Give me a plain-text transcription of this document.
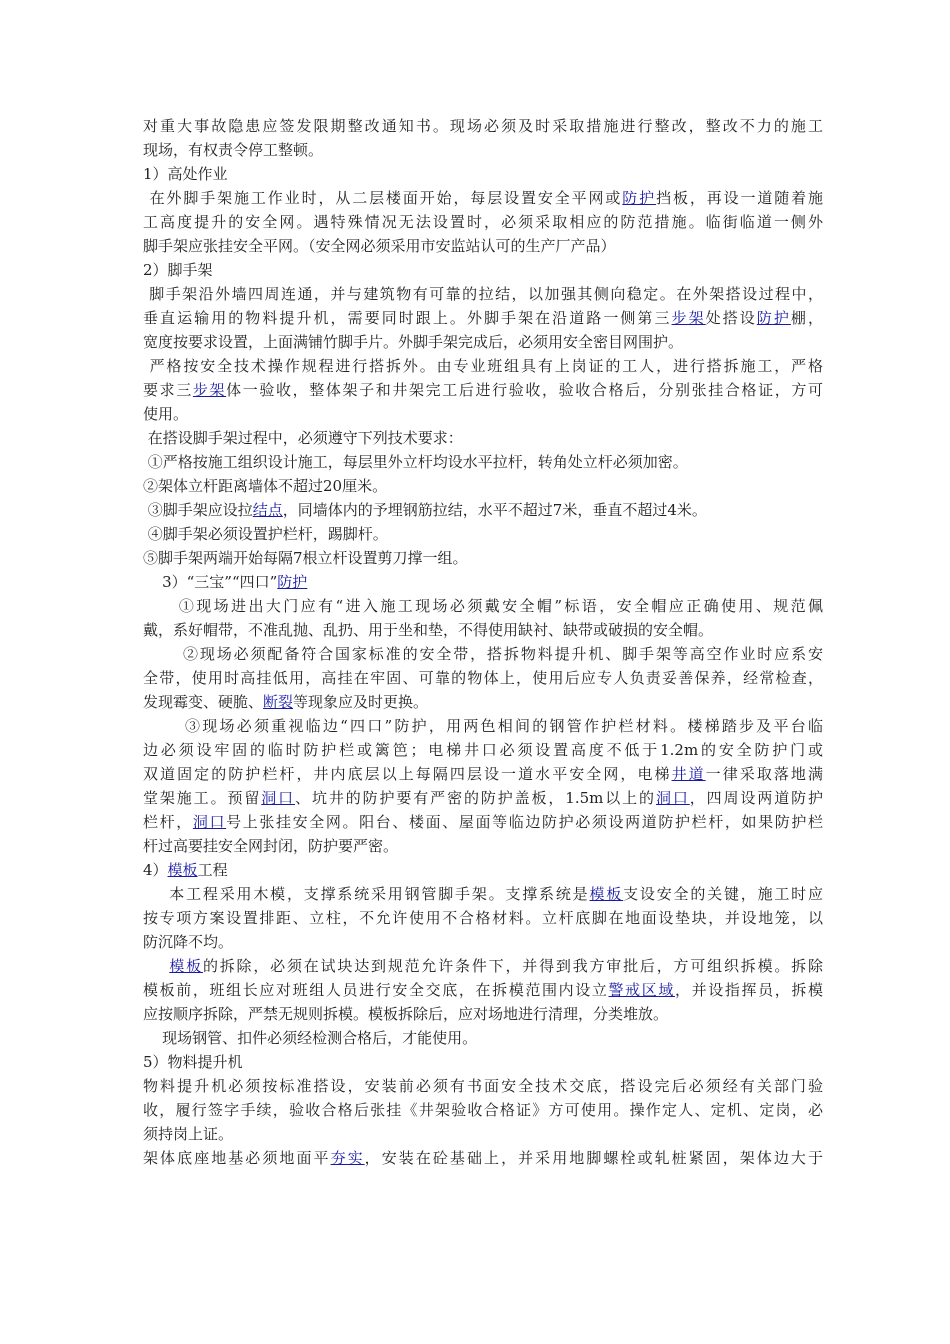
对重大事故隐患应签发限期整改通知书。现场必须及时采取措施进行整改，整改不力的施工
现场，有权责令停工整顿。
1）高处作业
在外脚手架施工作业时，从二层楼面开始，每层设置安全平网或防护挡板，再设一道随着施
工高度提升的安全网。遇特殊情况无法设置时，必须采取相应的防范措施。临街临道一侧外
脚手架应张挂安全平网。（安全网必须采用市安监站认可的生产厂产品）
2）脚手架
脚手架沿外墙四周连通，并与建筑物有可靠的拉结，以加强其侧向稳定。在外架搭设过程中，
垂直运输用的物料提升机，需要同时跟上。外脚手架在沿道路一侧第三步架处搭设防护棚，
宽度按要求设置，上面满铺竹脚手片。外脚手架完成后，必须用安全密目网围护。
严格按安全技术操作规程进行搭拆外。由专业班组具有上岗证的工人，进行搭拆施工，严格
要求三步架体一验收，整体架子和井架完工后进行验收，验收合格后，分别张挂合格证，方可
使用。
在搭设脚手架过程中，必须遵守下列技术要求：
①严格按施工组织设计施工，每层里外立杆均设水平拉杆，转角处立杆必须加密。
②架体立杆距离墙体不超过20厘米。
③脚手架应设拉结点，同墙体内的予埋钢筋拉结，水平不超过7米，垂直不超过4米。
④脚手架必须设置护栏杆，踢脚杆。
⑤脚手架两端开始每隔7根立杆设置剪刀撑一组。
3）“三宝”“四口”防护
①现场进出大门应有“进入施工现场必须戴安全帽”标语，安全帽应正确使用、规范佩
戴，系好帽带，不准乱抛、乱扔、用于坐和垫，不得使用缺衬、缺带或破损的安全帽。
②现场必须配备符合国家标准的安全带，搭拆物料提升机、脚手架等高空作业时应系安
全带，使用时高挂低用，高挂在牢固、可靠的物体上，使用后应专人负责妥善保养，经常检查，
发现霉变、硬脆、断裂等现象应及时更换。
③现场必须重视临边“四口”防护，用两色相间的钢管作护栏材料。楼梯踏步及平台临
边必须设牢固的临时防护栏或篱笆；电梯井口必须设置高度不低于1.2m的安全防护门或
双道固定的防护栏杆，井内底层以上每隔四层设一道水平安全网，电梯井道一律采取落地满
堂架施工。预留洞口、坑井的防护要有严密的防护盖板，1.5m以上的洞口，四周设两道防护
栏杆，洞口号上张挂安全网。阳台、楼面、屋面等临边防护必须设两道防护栏杆，如果防护栏
杆过高要挂安全网封闭，防护要严密。
4）模板工程
本工程采用木模，支撑系统采用钢管脚手架。支撑系统是模板支设安全的关键，施工时应
按专项方案设置排距、立柱，不允许使用不合格材料。立杆底脚在地面设垫块，并设地笼，以
防沉降不均。
模板的拆除，必须在试块达到规范允许条件下，并得到我方审批后，方可组织拆模。拆除
模板前，班组长应对班组人员进行安全交底，在拆模范围内设立警戒区域，并设指挥员，拆模
应按顺序拆除，严禁无规则拆模。模板拆除后，应对场地进行清理，分类堆放。
现场钢管、扣件必须经检测合格后，才能使用。
5）物料提升机
物料提升机必须按标准搭设，安装前必须有书面安全技术交底，搭设完后必须经有关部门验
收，履行签字手续，验收合格后张挂《井架验收合格证》方可使用。操作定人、定机、定岗，必
须持岗上证。
架体底座地基必须地面平夯实，安装在砼基础上，并采用地脚螺栓或轧桩紧固，架体边大于
